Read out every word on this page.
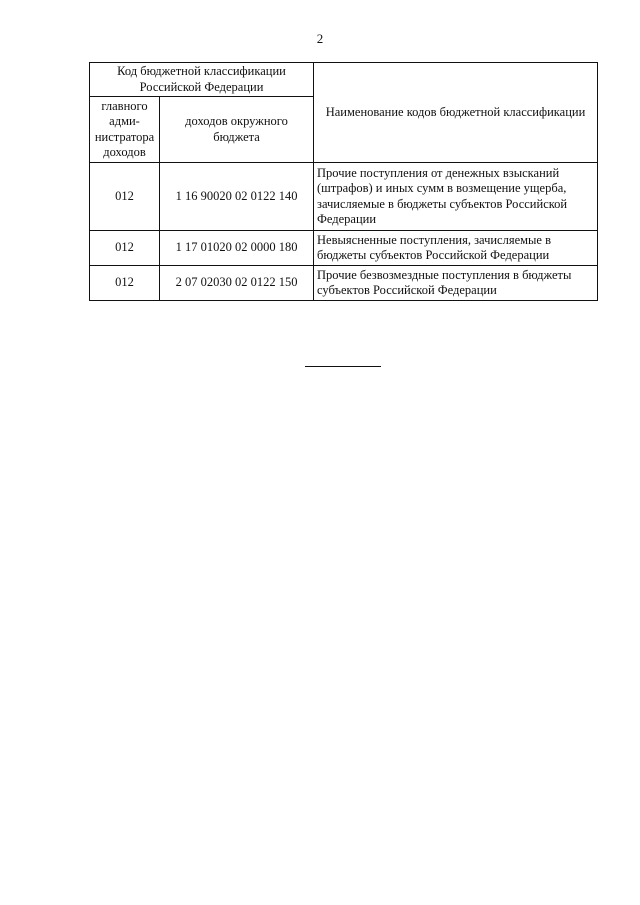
2
Код бюджетной классификации Российской Федерации		Наименование кодов бюджетной классификации
главного адми-нистратора доходов	доходов окружного бюджета	
012	1 16 90020 02 0122 140	Прочие поступления от денежных взысканий (штрафов) и иных сумм в возмещение ущерба, зачисляемые в бюджеты субъектов Российской Федерации
012	1 17 01020 02 0000 180	Невыясненные поступления, зачисляемые в бюджеты субъектов Российской Федерации
012	2 07 02030 02 0122 150	Прочие безвозмездные поступления в бюджеты субъектов Российской Федерации
